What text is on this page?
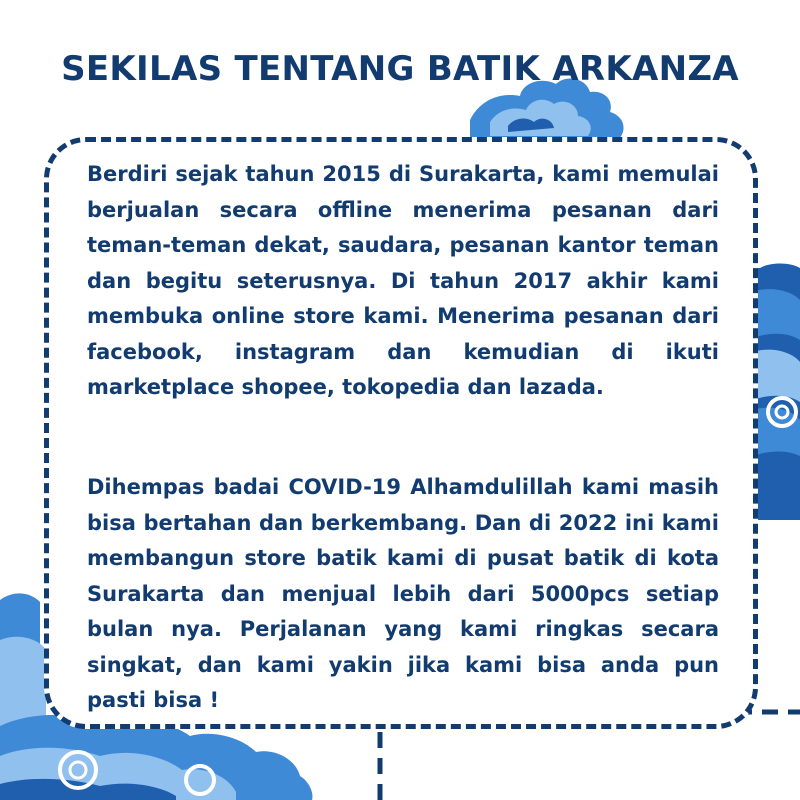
SEKILAS TENTANG BATIK ARKANZA

Berdiri sejak tahun 2015 di Surakarta, kami memulai berjualan secara offline menerima pesanan dari teman-teman dekat, saudara, pesanan kantor teman dan begitu seterusnya. Di tahun 2017 akhir kami membuka online store kami. Menerima pesanan dari facebook, instagram dan kemudian di ikuti marketplace shopee, tokopedia dan lazada.

Dihempas badai COVID-19 Alhamdulillah kami masih bisa bertahan dan berkembang. Dan di 2022 ini kami membangun store batik kami di pusat batik di kota Surakarta dan menjual lebih dari 5000pcs setiap bulan nya. Perjalanan yang kami ringkas secara singkat, dan kami yakin jika kami bisa anda pun pasti bisa !
